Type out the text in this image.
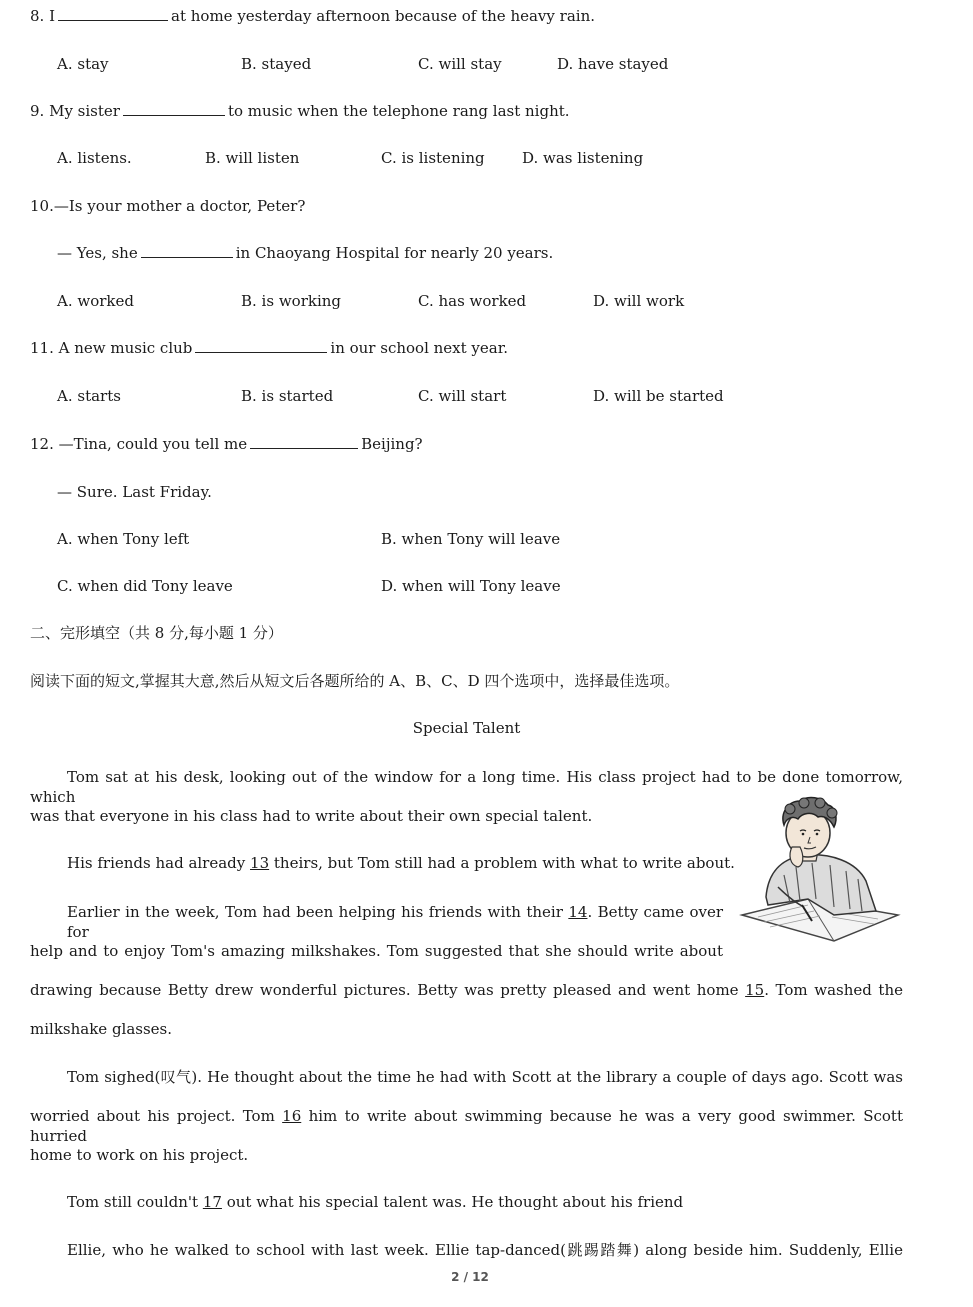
8. I	at home yesterday afternoon because of the heavy rain.
A. stay	B. stayed	C. will stay	D. have stayed
9. My sister	to music when the telephone rang last night.
A. listens.	B. will listen	C. is listening D. was listening
10.—Is your mother a doctor, Peter?
— Yes, she	in Chaoyang Hospital for nearly 20 years.
A. worked	B. is working	C. has worked	D. will work
11. A new music club	in our school next year.
A. starts	B. is started	C. will start	D. will be started
12. —Tina, could you tell me	Beijing?
— Sure. Last Friday.
A. when Tony left	B. when Tony will leave
C. when did Tony leave	D. when will Tony leave
二、完形填空（共 8 分,每小题 1 分）
阅读下面的短文,掌握其大意,然后从短文后各题所给的 A、B、C、D 四个选项中，选择最佳选项。
Special Talent
Tom sat at his desk, looking out of the window for a long time. His class project had to be done tomorrow, which
was that everyone in his class had to write about their own special talent.
His friends had already 13 theirs, but Tom still had a problem with what to write about.
Earlier in the week, Tom had been helping his friends with their 14. Betty came over for
help and to enjoy Tom's amazing milkshakes. Tom suggested that she should write about
drawing because Betty drew wonderful pictures. Betty was pretty pleased and went home 15. Tom washed the
milkshake glasses.
Tom sighed(叹气). He thought about the time he had with Scott at the library a couple of days ago. Scott was
worried about his project. Tom 16 him to write about swimming because he was a very good swimmer. Scott hurried
home to work on his project.
Tom still couldn't 17 out what his special talent was. He thought about his friend
Ellie, who he walked to school with last week. Ellie tap-danced(跳踢踏舞) along beside him. Suddenly, Ellie
2 / 12
